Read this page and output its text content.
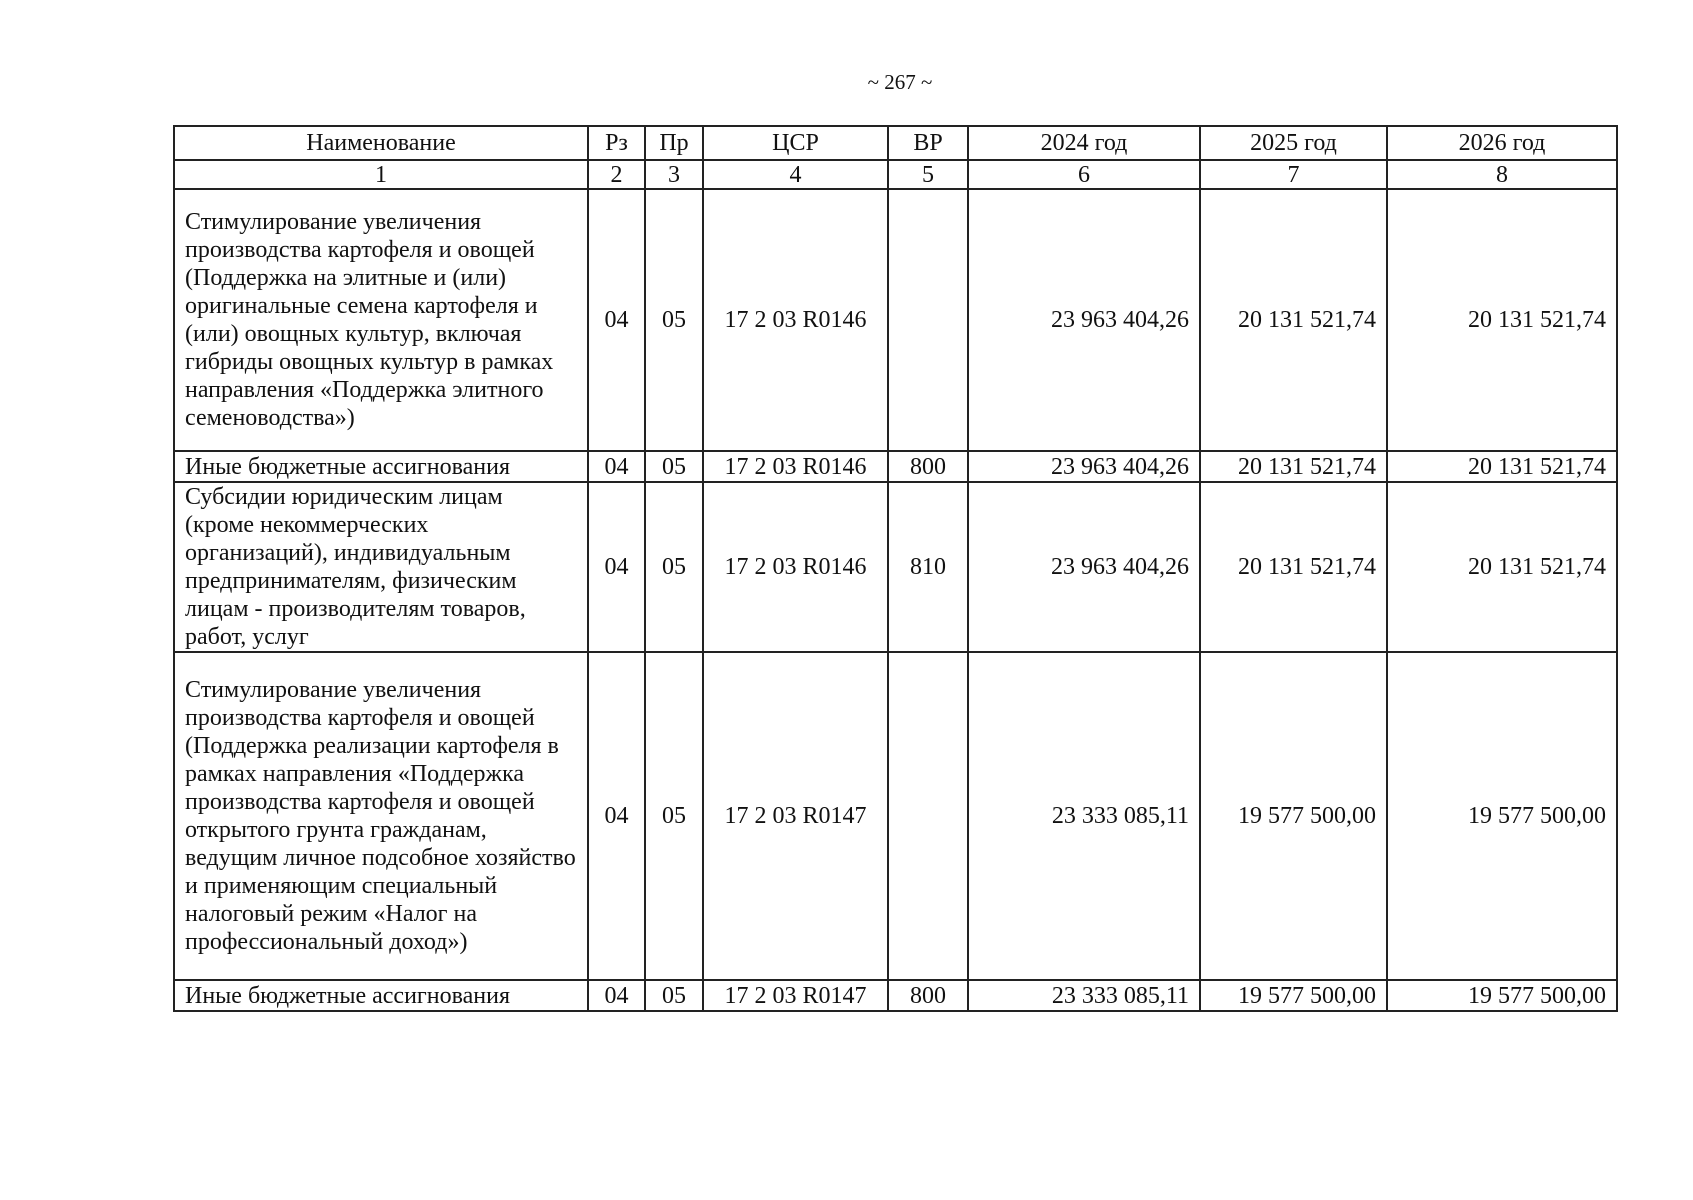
~ 267 ~
Наименование	Рз	Пр	ЦСР	ВР	2024 год	2025 год	2026 год
1	2	3	4	5	6	7	8
Стимулирование увеличения производства картофеля и овощей (Поддержка на элитные и (или) оригинальные семена картофеля и (или) овощных культур, включая гибриды овощных культур в рамках направления «Поддержка элитного семеноводства»)	04	05	17 2 03 R0146		23 963 404,26	20 131 521,74	20 131 521,74
Иные бюджетные ассигнования	04	05	17 2 03 R0146	800	23 963 404,26	20 131 521,74	20 131 521,74
Субсидии юридическим лицам (кроме некоммерческих организаций), индивидуальным предпринимателям, физическим лицам - производителям товаров, работ, услуг	04	05	17 2 03 R0146	810	23 963 404,26	20 131 521,74	20 131 521,74
Стимулирование увеличения производства картофеля и овощей (Поддержка реализации картофеля в рамках направления «Поддержка производства картофеля и овощей открытого грунта гражданам, ведущим личное подсобное хозяйство и применяющим специальный налоговый режим «Налог на профессиональный доход»)	04	05	17 2 03 R0147		23 333 085,11	19 577 500,00	19 577 500,00
Иные бюджетные ассигнования	04	05	17 2 03 R0147	800	23 333 085,11	19 577 500,00	19 577 500,00
